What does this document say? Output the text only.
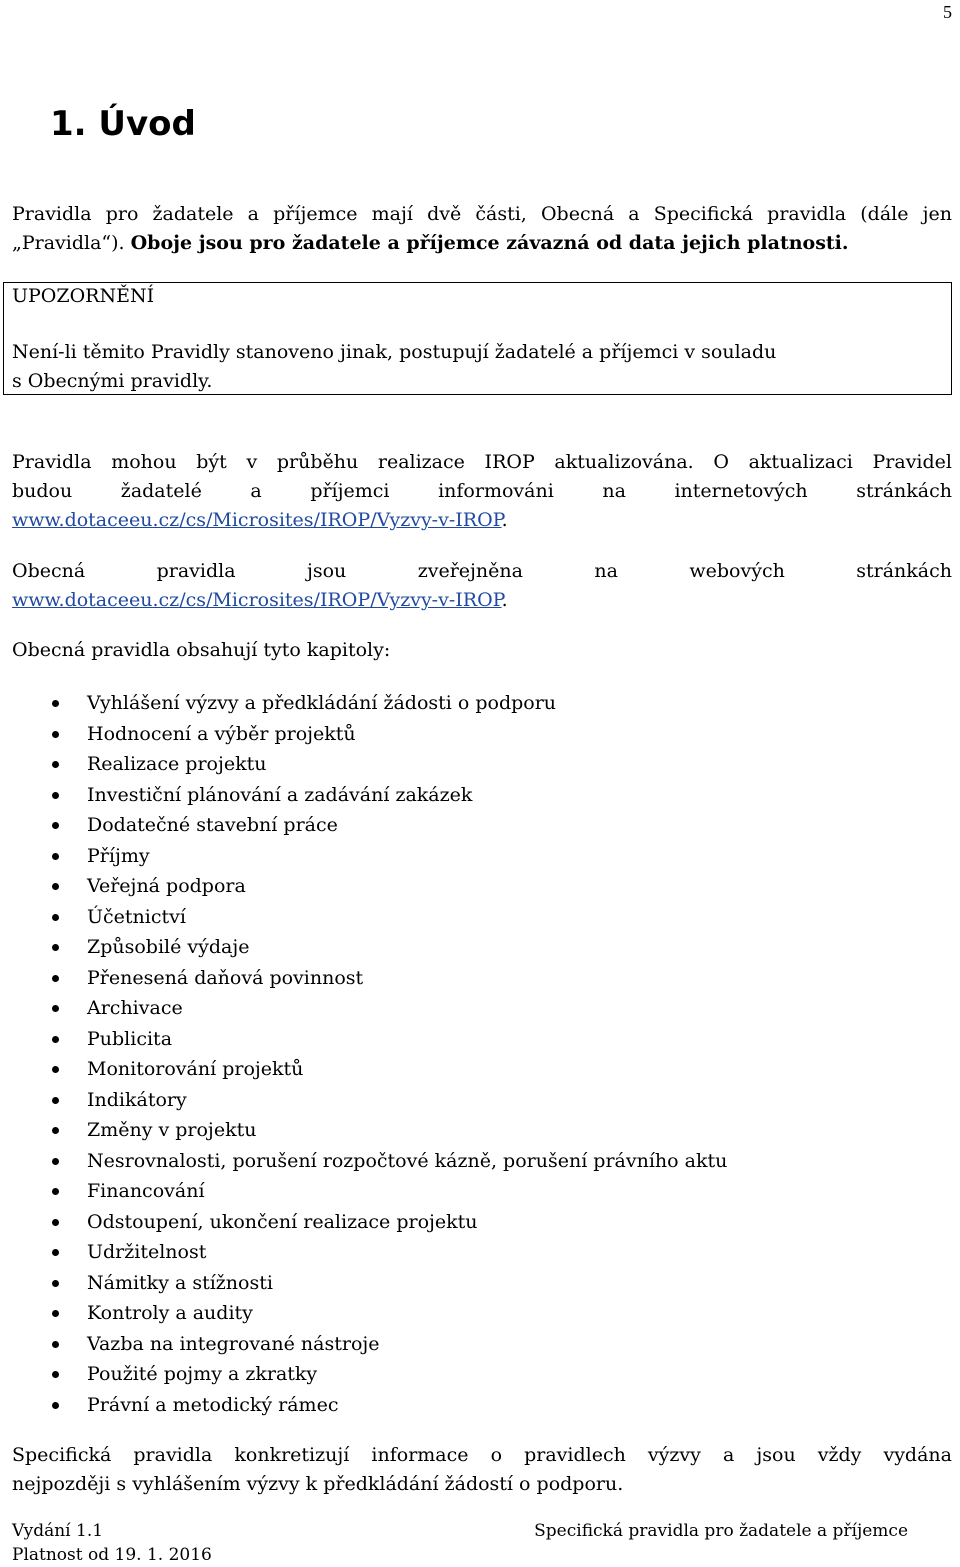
5
1. Úvod
Pravidla pro žadatele a příjemce mají dvě části, Obecná a Specifická pravidla (dále jen
„Pravidla“). Oboje jsou pro žadatele a příjemce závazná od data jejich platnosti.
UPOZORNĚNÍ
Není-li těmito Pravidly stanoveno jinak, postupují žadatelé a příjemci v souladu
s Obecnými pravidly.
Pravidla mohou být v průběhu realizace IROP aktualizována. O aktualizaci Pravidel
budou žadatelé a příjemci informováni na internetových stránkách
www.dotaceeu.cz/cs/Microsites/IROP/Vyzvy-v-IROP.
Obecná pravidla jsou zveřejněna na webových stránkách
www.dotaceeu.cz/cs/Microsites/IROP/Vyzvy-v-IROP.
Obecná pravidla obsahují tyto kapitoly:
Vyhlášení výzvy a předkládání žádosti o podporu
Hodnocení a výběr projektů
Realizace projektu
Investiční plánování a zadávání zakázek
Dodatečné stavební práce
Příjmy
Veřejná podpora
Účetnictví
Způsobilé výdaje
Přenesená daňová povinnost
Archivace
Publicita
Monitorování projektů
Indikátory
Změny v projektu
Nesrovnalosti, porušení rozpočtové kázně, porušení právního aktu
Financování
Odstoupení, ukončení realizace projektu
Udržitelnost
Námitky a stížnosti
Kontroly a audity
Vazba na integrované nástroje
Použité pojmy a zkratky
Právní a metodický rámec
Specifická pravidla konkretizují informace o pravidlech výzvy a jsou vždy vydána
nejpozději s vyhlášením výzvy k předkládání žádostí o podporu.
Vydání 1.1
Platnost od 19. 1. 2016
Specifická pravidla pro žadatele a příjemce
